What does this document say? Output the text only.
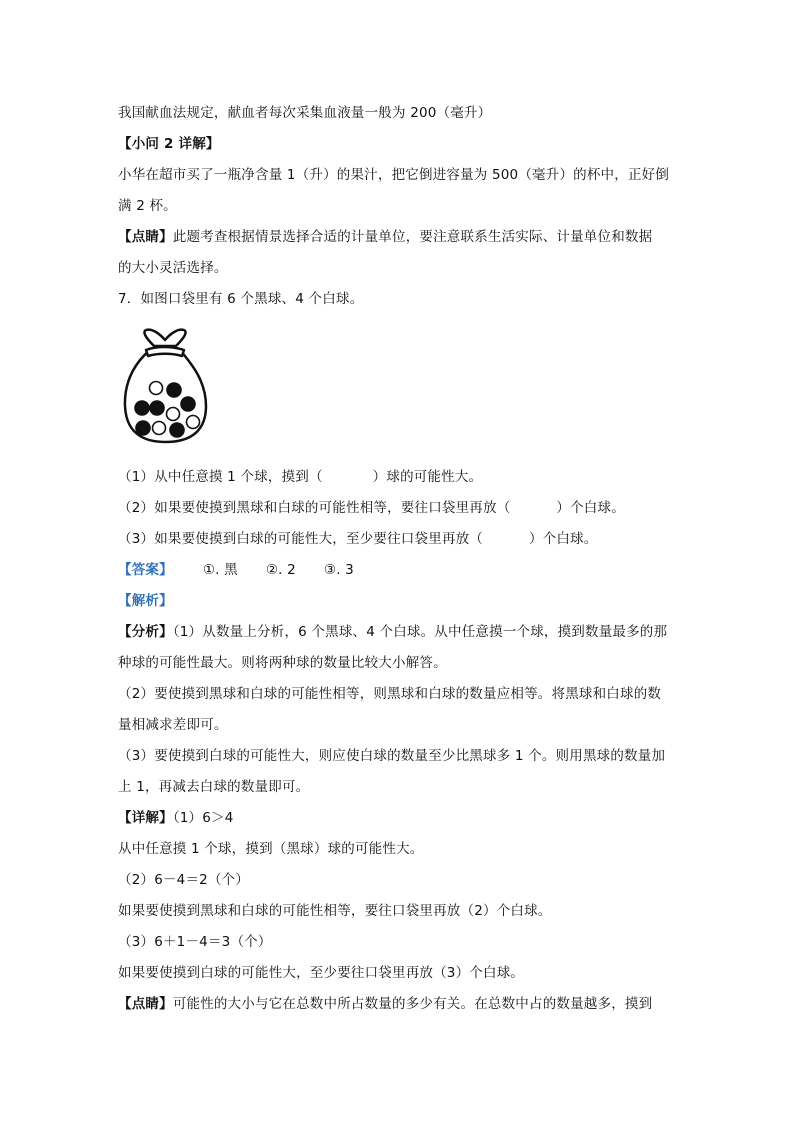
我国献血法规定，献血者每次采集血液量一般为 200（毫升）
【小问 2 详解】
小华在超市买了一瓶净含量 1（升）的果汁，把它倒进容量为 500（毫升）的杯中，正好倒
满 2 杯。
【点睛】此题考查根据情景选择合适的计量单位，要注意联系生活实际、计量单位和数据
的大小灵活选择。
7．如图口袋里有 6 个黑球、4 个白球。
（1）从中任意摸 1 个球，摸到（	）球的可能性大。
（2）如果要使摸到黑球和白球的可能性相等，要往口袋里再放（	）个白球。
（3）如果要使摸到白球的可能性大，至少要往口袋里再放（	）个白球。
【答案】 ①. 黑 ②. 2 ③. 3
【解析】
【分析】（1）从数量上分析，6 个黑球、4 个白球。从中任意摸一个球，摸到数量最多的那
种球的可能性最大。则将两种球的数量比较大小解答。
（2）要使摸到黑球和白球的可能性相等，则黑球和白球的数量应相等。将黑球和白球的数
量相减求差即可。
（3）要使摸到白球的可能性大，则应使白球的数量至少比黑球多 1 个。则用黑球的数量加
上 1，再减去白球的数量即可。
【详解】（1）6＞4
从中任意摸 1 个球，摸到（黑球）球的可能性大。
（2）6－4＝2（个）
如果要使摸到黑球和白球的可能性相等，要往口袋里再放（2）个白球。
（3）6＋1－4＝3（个）
如果要使摸到白球的可能性大，至少要往口袋里再放（3）个白球。
【点睛】可能性的大小与它在总数中所占数量的多少有关。在总数中占的数量越多，摸到
